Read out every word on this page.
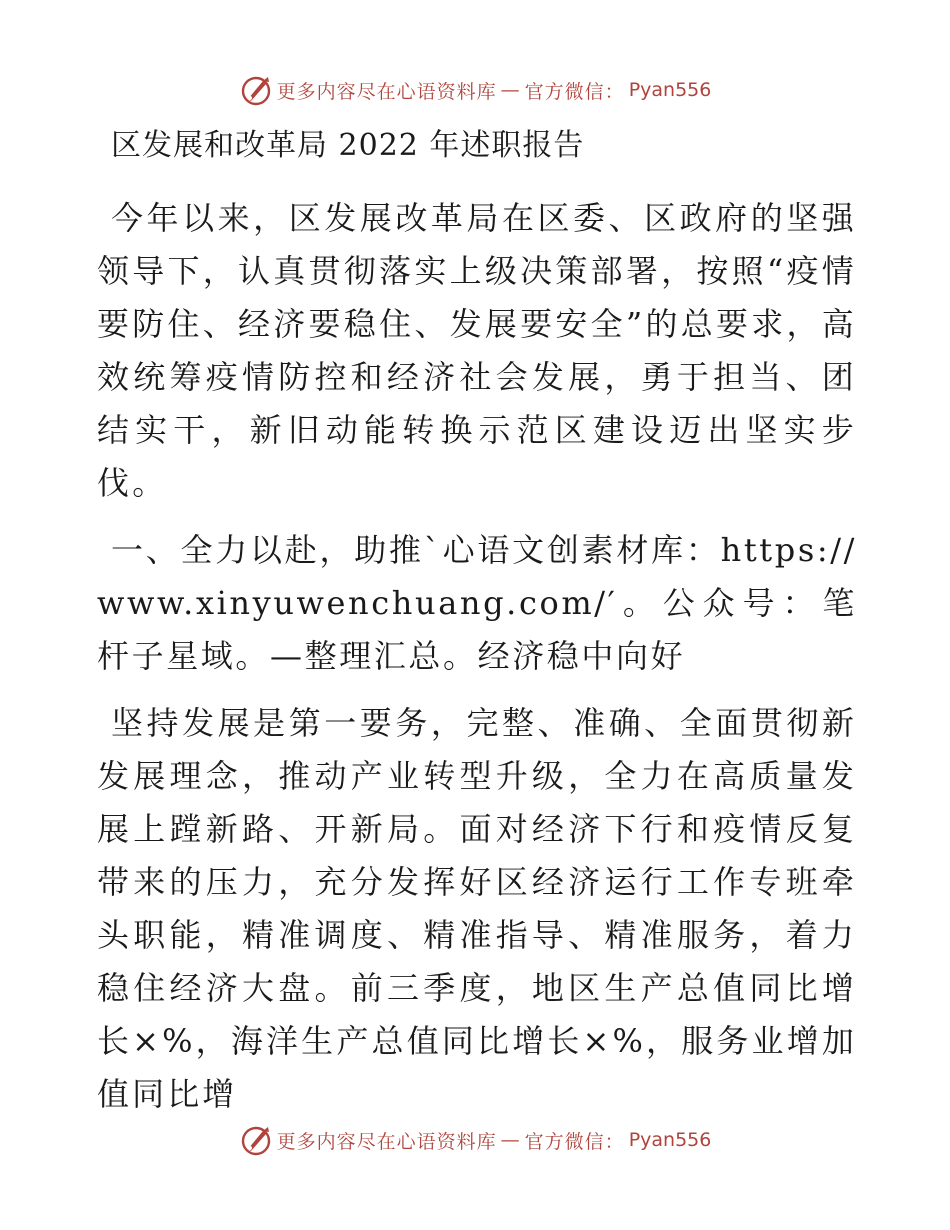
更多内容尽在心语资料库 — 官方微信： Pyan556
区发展和改革局 2022 年述职报告

今年以来，区发展改革局在区委、区政府的坚强领导下，认真贯彻落实上级决策部署，按照“疫情要防住、经济要稳住、发展要安全”的总要求，高效统筹疫情防控和经济社会发展，勇于担当、团结实干，新旧动能转换示范区建设迈出坚实步伐。

一、全力以赴，助推`心语文创素材库：https://www.xinyuwenchuang.com/′。公众号：笔杆子星域。—整理汇总。经济稳中向好

坚持发展是第一要务，完整、准确、全面贯彻新发展理念，推动产业转型升级，全力在高质量发展上蹚新路、开新局。面对经济下行和疫情反复带来的压力，充分发挥好区经济运行工作专班牵头职能，精准调度、精准指导、精准服务，着力稳住经济大盘。前三季度，地区生产总值同比增长×%，海洋生产总值同比增长×%，服务业增加值同比增

更多内容尽在心语资料库 — 官方微信： Pyan556
